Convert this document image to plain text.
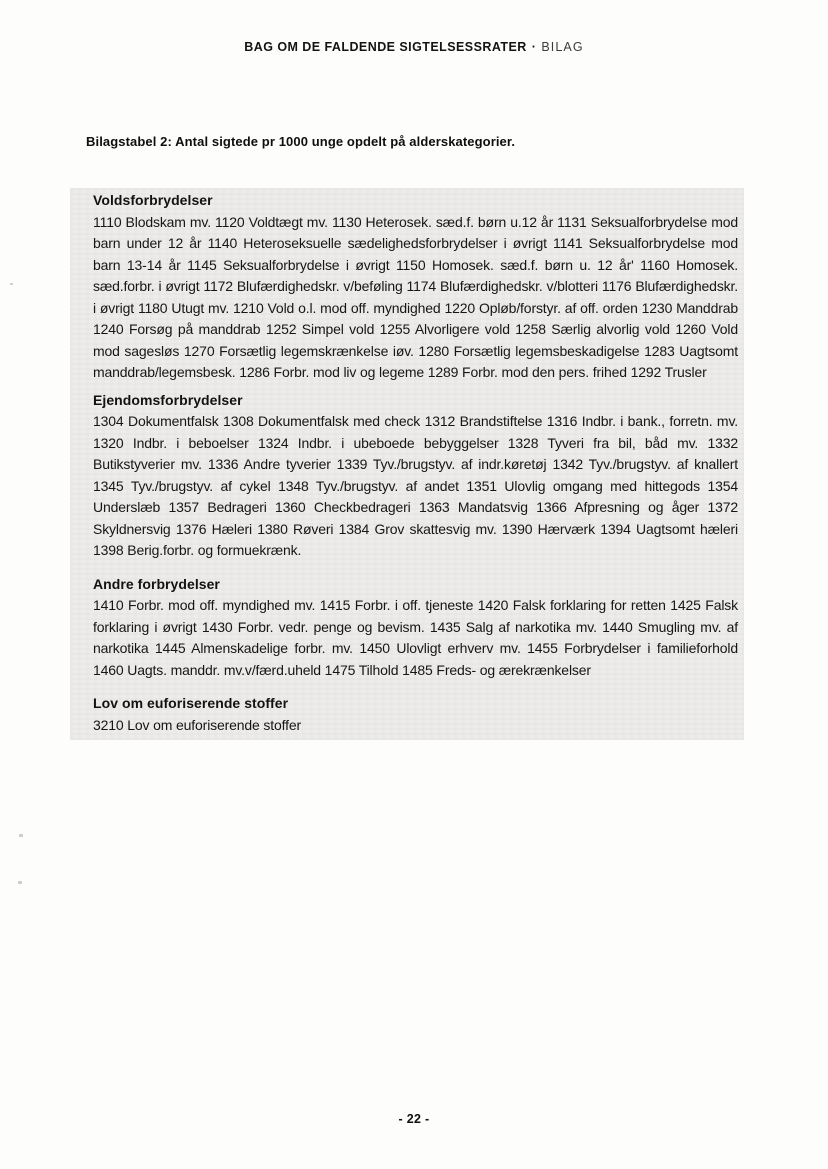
BAG OM DE FALDENDE SIGTELSESSRATER · BILAG
Bilagstabel 2: Antal sigtede pr 1000 unge opdelt på alderskategorier.
Voldsforbrydelser

1110 Blodskam mv. 1120 Voldtægt mv. 1130 Heterosek. sæd.f. børn u.12 år 1131 Seksualforbrydelse mod barn under 12 år 1140 Heteroseksuelle sædelighedsforbrydelser i øvrigt 1141 Seksualforbrydelse mod barn 13-14 år 1145 Seksualforbrydelse i øvrigt 1150 Homosek. sæd.f. børn u. 12 år' 1160 Homosek. sæd.forbr. i øvrigt 1172 Blufærdighedskr. v/beføling 1174 Blufærdighedskr. v/blotteri 1176 Blufærdighedskr. i øvrigt 1180 Utugt mv. 1210 Vold o.l. mod off. myndighed 1220 Opløb/forstyr. af off. orden 1230 Manddrab 1240 Forsøg på manddrab 1252 Simpel vold 1255 Alvorligere vold 1258 Særlig alvorlig vold 1260 Vold mod sagesløs 1270 Forsætlig legemskrænkelse iøv. 1280 Forsætlig legemsbeskadigelse 1283 Uagtsomt manddrab/legemsbesk. 1286 Forbr. mod liv og legeme 1289 Forbr. mod den pers. frihed 1292 Trusler

Ejendomsforbrydelser

1304 Dokumentfalsk 1308 Dokumentfalsk med check 1312 Brandstiftelse 1316 Indbr. i bank., forretn. mv. 1320 Indbr. i beboelser 1324 Indbr. i ubeboede bebyggelser 1328 Tyveri fra bil, båd mv. 1332 Butikstyverier mv. 1336 Andre tyverier 1339 Tyv./brugstyv. af indr.køretøj 1342 Tyv./brugstyv. af knallert 1345 Tyv./brugstyv. af cykel 1348 Tyv./brugstyv. af andet 1351 Ulovlig omgang med hittegods 1354 Underslæb 1357 Bedrageri 1360 Checkbedrageri 1363 Mandatsvig 1366 Afpresning og åger 1372 Skyldnersvig 1376 Hæleri 1380 Røveri 1384 Grov skattesvig mv. 1390 Hærværk 1394 Uagtsomt hæleri 1398 Berig.forbr. og formuekrænk.

Andre forbrydelser

1410 Forbr. mod off. myndighed mv. 1415 Forbr. i off. tjeneste 1420 Falsk forklaring for retten 1425 Falsk forklaring i øvrigt 1430 Forbr. vedr. penge og bevism. 1435 Salg af narkotika mv. 1440 Smugling mv. af narkotika 1445 Almenskadelige forbr. mv. 1450 Ulovligt erhverv mv. 1455 Forbrydelser i familieforhold 1460 Uagts. manddr. mv.v/færd.uheld 1475 Tilhold 1485 Freds- og ærekrænkelser

Lov om euforiserende stoffer

3210 Lov om euforiserende stoffer

- 22 -
